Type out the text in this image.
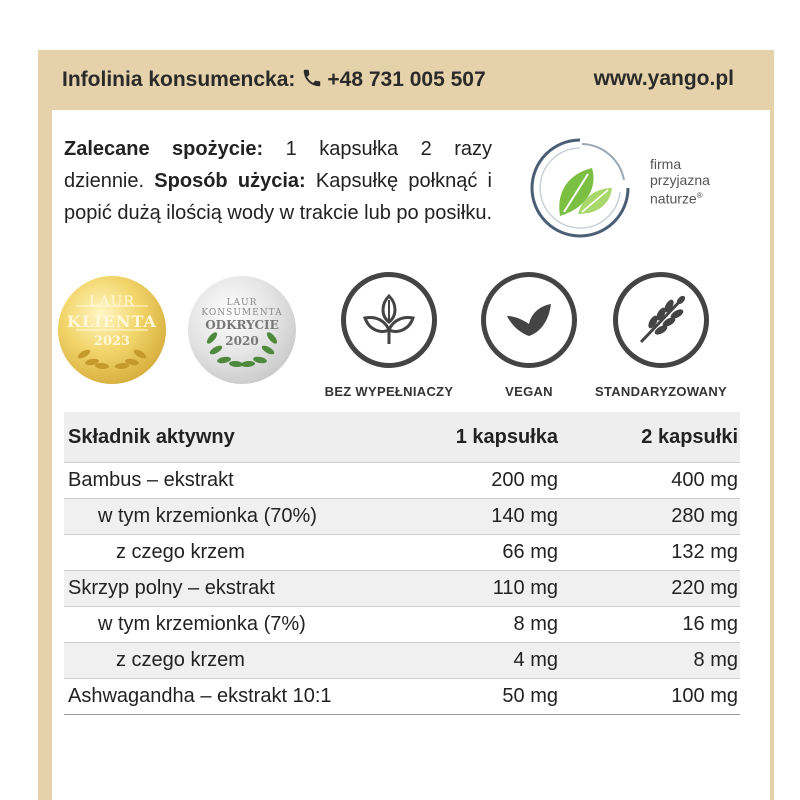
Infolinia konsumencka: +48 731 005 507	www.yango.pl
Zalecane spożycie: 1 kapsułka 2 razy dziennie. Sposób użycia: Kapsułkę połknąć i popić dużą ilością wody w trakcie lub po posiłku.
firma
przyjazna
naturze®
LAUR
KLIENTA
2023
LAUR KONSUMENTA
ODKRYCIE
2020
BEZ WYPEŁNIACZY	VEGAN	STANDARYZOWANY
Składnik aktywny	1 kapsułka	2 kapsułki
Bambus – ekstrakt	200 mg	400 mg
w tym krzemionka (70%)	140 mg	280 mg
z czego krzem	66 mg	132 mg
Skrzyp polny – ekstrakt	110 mg	220 mg
w tym krzemionka (7%)	8 mg	16 mg
z czego krzem	4 mg	8 mg
Ashwagandha – ekstrakt 10:1	50 mg	100 mg
